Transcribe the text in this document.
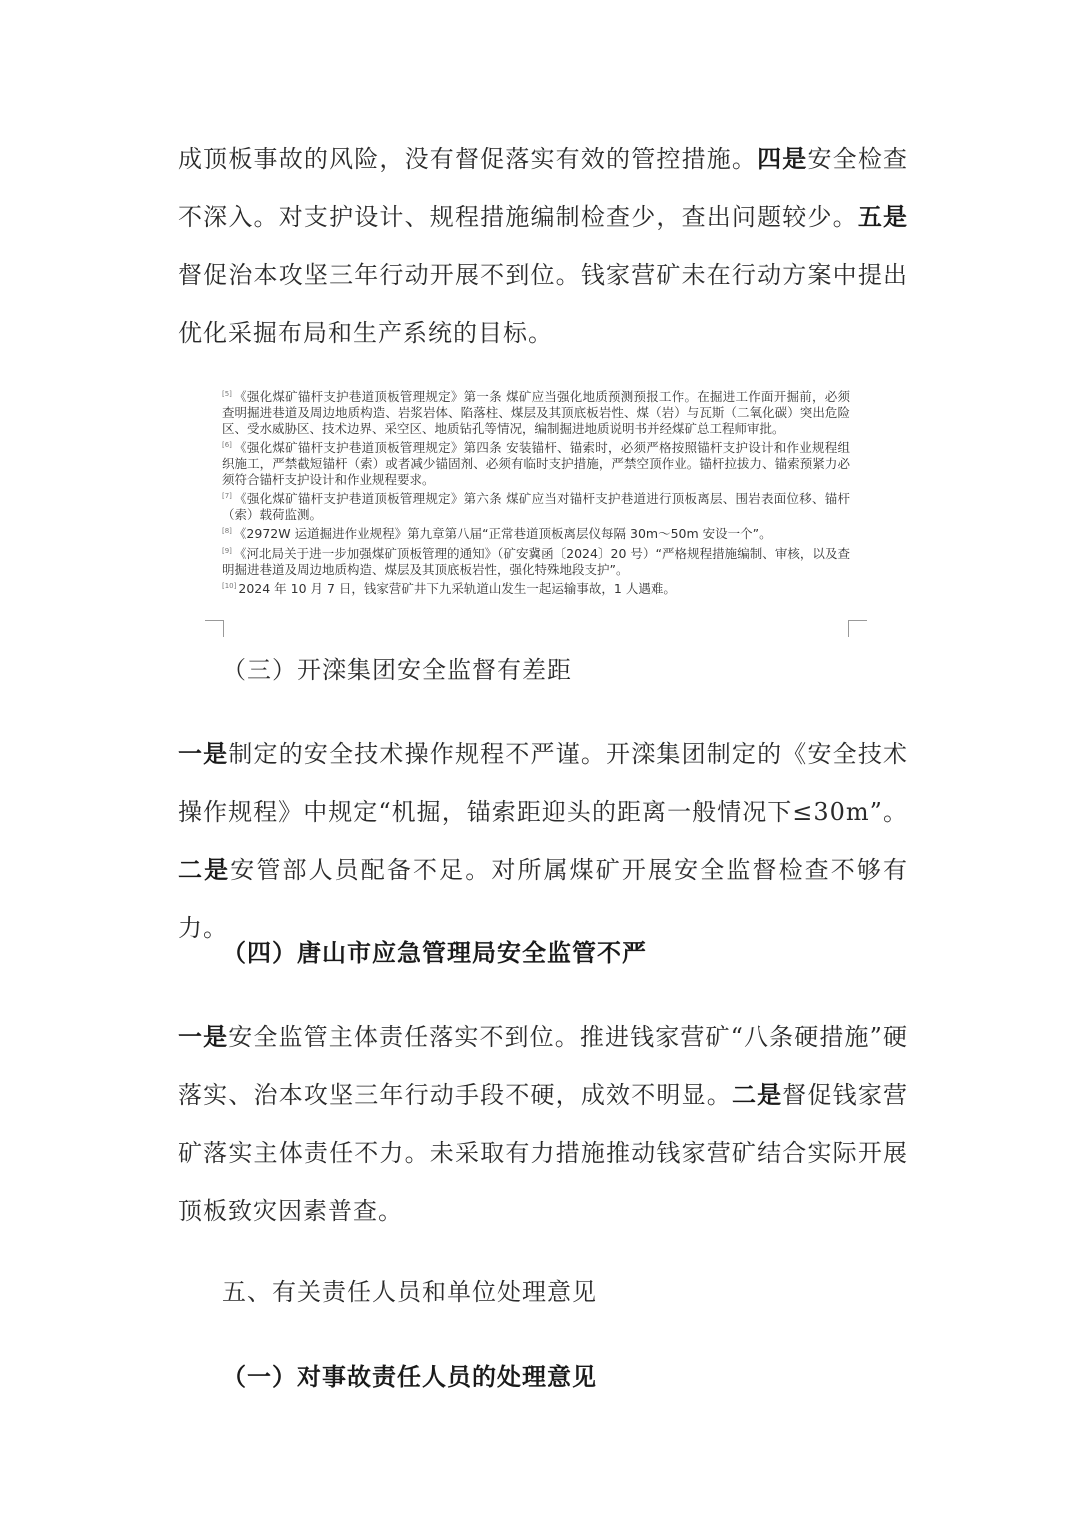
成顶板事故的风险，没有督促落实有效的管控措施。四是安全检查不深入。对支护设计、规程措施编制检查少，查出问题较少。五是督促治本攻坚三年行动开展不到位。钱家营矿未在行动方案中提出优化采掘布局和生产系统的目标。

[5] 《强化煤矿锚杆支护巷道顶板管理规定》第一条 煤矿应当强化地质预测预报工作。在掘进工作面开掘前，必须查明掘进巷道及周边地质构造、岩浆岩体、陷落柱、煤层及其顶底板岩性、煤（岩）与瓦斯（二氧化碳）突出危险区、受水威胁区、技术边界、采空区、地质钻孔等情况，编制掘进地质说明书并经煤矿总工程师审批。

[6] 《强化煤矿锚杆支护巷道顶板管理规定》第四条 安装锚杆、锚索时，必须严格按照锚杆支护设计和作业规程组织施工，严禁截短锚杆（索）或者减少锚固剂、必须有临时支护措施，严禁空顶作业。锚杆拉拔力、锚索预紧力必须符合锚杆支护设计和作业规程要求。

[7] 《强化煤矿锚杆支护巷道顶板管理规定》第六条 煤矿应当对锚杆支护巷道进行顶板离层、围岩表面位移、锚杆（索）载荷监测。

[8] 《2972W 运道掘进作业规程》第九章第八届“正常巷道顶板离层仪每隔 30m～50m 安设一个”。

[9] 《河北局关于进一步加强煤矿顶板管理的通知》（矿安冀函〔2024〕20 号）“严格规程措施编制、审核，以及查明掘进巷道及周边地质构造、煤层及其顶底板岩性，强化特殊地段支护”。

[10] 2024 年 10 月 7 日，钱家营矿井下九采轨道山发生一起运输事故，1 人遇难。

（三）开滦集团安全监督有差距
一是制定的安全技术操作规程不严谨。开滦集团制定的《安全技术操作规程》中规定“机掘，锚索距迎头的距离一般情况下≤30m”。二是安管部人员配备不足。对所属煤矿开展安全监督检查不够有力。
（四）唐山市应急管理局安全监管不严
一是安全监管主体责任落实不到位。推进钱家营矿“八条硬措施”硬落实、治本攻坚三年行动手段不硬，成效不明显。二是督促钱家营矿落实主体责任不力。未采取有力措施推动钱家营矿结合实际开展顶板致灾因素普查。
五、有关责任人员和单位处理意见
（一）对事故责任人员的处理意见
